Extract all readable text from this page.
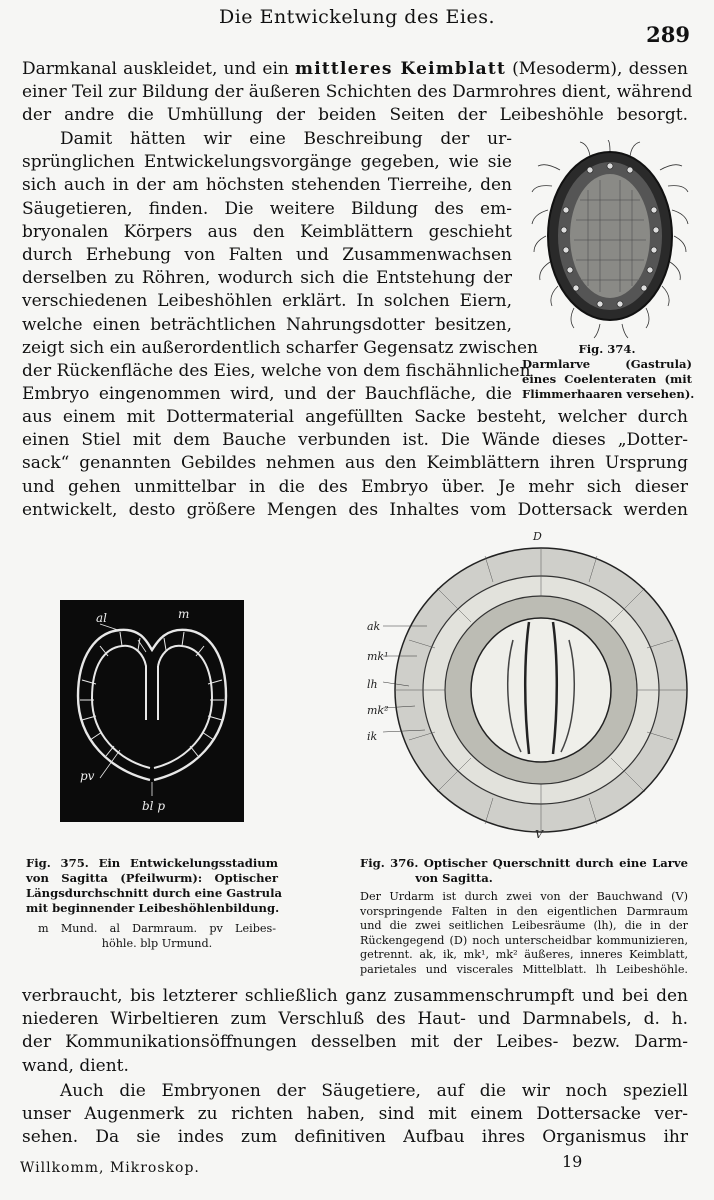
Die Entwickelung des Eies.
289
Darmkanal auskleidet, und ein mittleres Keimblatt (Mesoderm), dessen
einer Teil zur Bildung der äußeren Schichten des Darmrohres dient, während
der andre die Umhüllung der beiden Seiten der Leibeshöhle besorgt.
Damit hätten wir eine Beschreibung der ur-
sprünglichen Entwickelungsvorgänge gegeben, wie sie
sich auch in der am höchsten stehenden Tierreihe, den
Säugetieren, finden. Die weitere Bildung des em-
bryonalen Körpers aus den Keimblättern geschieht
durch Erhebung von Falten und Zusammenwachsen
derselben zu Röhren, wodurch sich die Entstehung der
verschiedenen Leibeshöhlen erklärt. In solchen Eiern,
welche einen beträchtlichen Nahrungsdotter besitzen,
zeigt sich ein außerordentlich scharfer Gegensatz zwischen
der Rückenfläche des Eies, welche von dem fischähnlichen
Embryo eingenommen wird, und der Bauchfläche, die
aus einem mit Dottermaterial angefüllten Sacke besteht, welcher durch
einen Stiel mit dem Bauche verbunden ist. Die Wände dieses „Dotter-
sack“ genannten Gebildes nehmen aus den Keimblättern ihren Ursprung
und gehen unmittelbar in die des Embryo über. Je mehr sich dieser
entwickelt, desto größere Mengen des Inhaltes vom Dottersack werden
Fig. 374.
Darmlarve (Gastrula)
eines Coelenteraten (mit
Flimmerhaaren versehen).
al	m
pv
bl p
D
ak
mk¹
lh
mk²
ik
V
Fig. 375. Ein Entwickelungsstadium
von Sagitta (Pfeilwurm): Optischer
Längsdurchschnitt durch eine Gastrula
mit beginnender Leibeshöhlenbildung.
m Mund. al Darmraum. pv Leibes-
höhle. blp Urmund.
Fig. 376. Optischer Querschnitt durch eine Larve
von Sagitta.
Der Urdarm ist durch zwei von der Bauchwand (V)
vorspringende Falten in den eigentlichen Darmraum
und die zwei seitlichen Leibesräume (lh), die in der
Rückengegend (D) noch unterscheidbar kommunizieren,
getrennt. ak, ik, mk¹, mk² äußeres, inneres Keimblatt,
parietales und viscerales Mittelblatt. lh Leibeshöhle.
verbraucht, bis letzterer schließlich ganz zusammenschrumpft und bei den
niederen Wirbeltieren zum Verschluß des Haut- und Darmnabels, d. h.
der Kommunikationsöffnungen desselben mit der Leibes- bezw. Darm-
wand, dient.
Auch die Embryonen der Säugetiere, auf die wir noch speziell
unser Augenmerk zu richten haben, sind mit einem Dottersacke ver-
sehen. Da sie indes zum definitiven Aufbau ihres Organismus ihr
Willkomm, Mikroskop.	19
